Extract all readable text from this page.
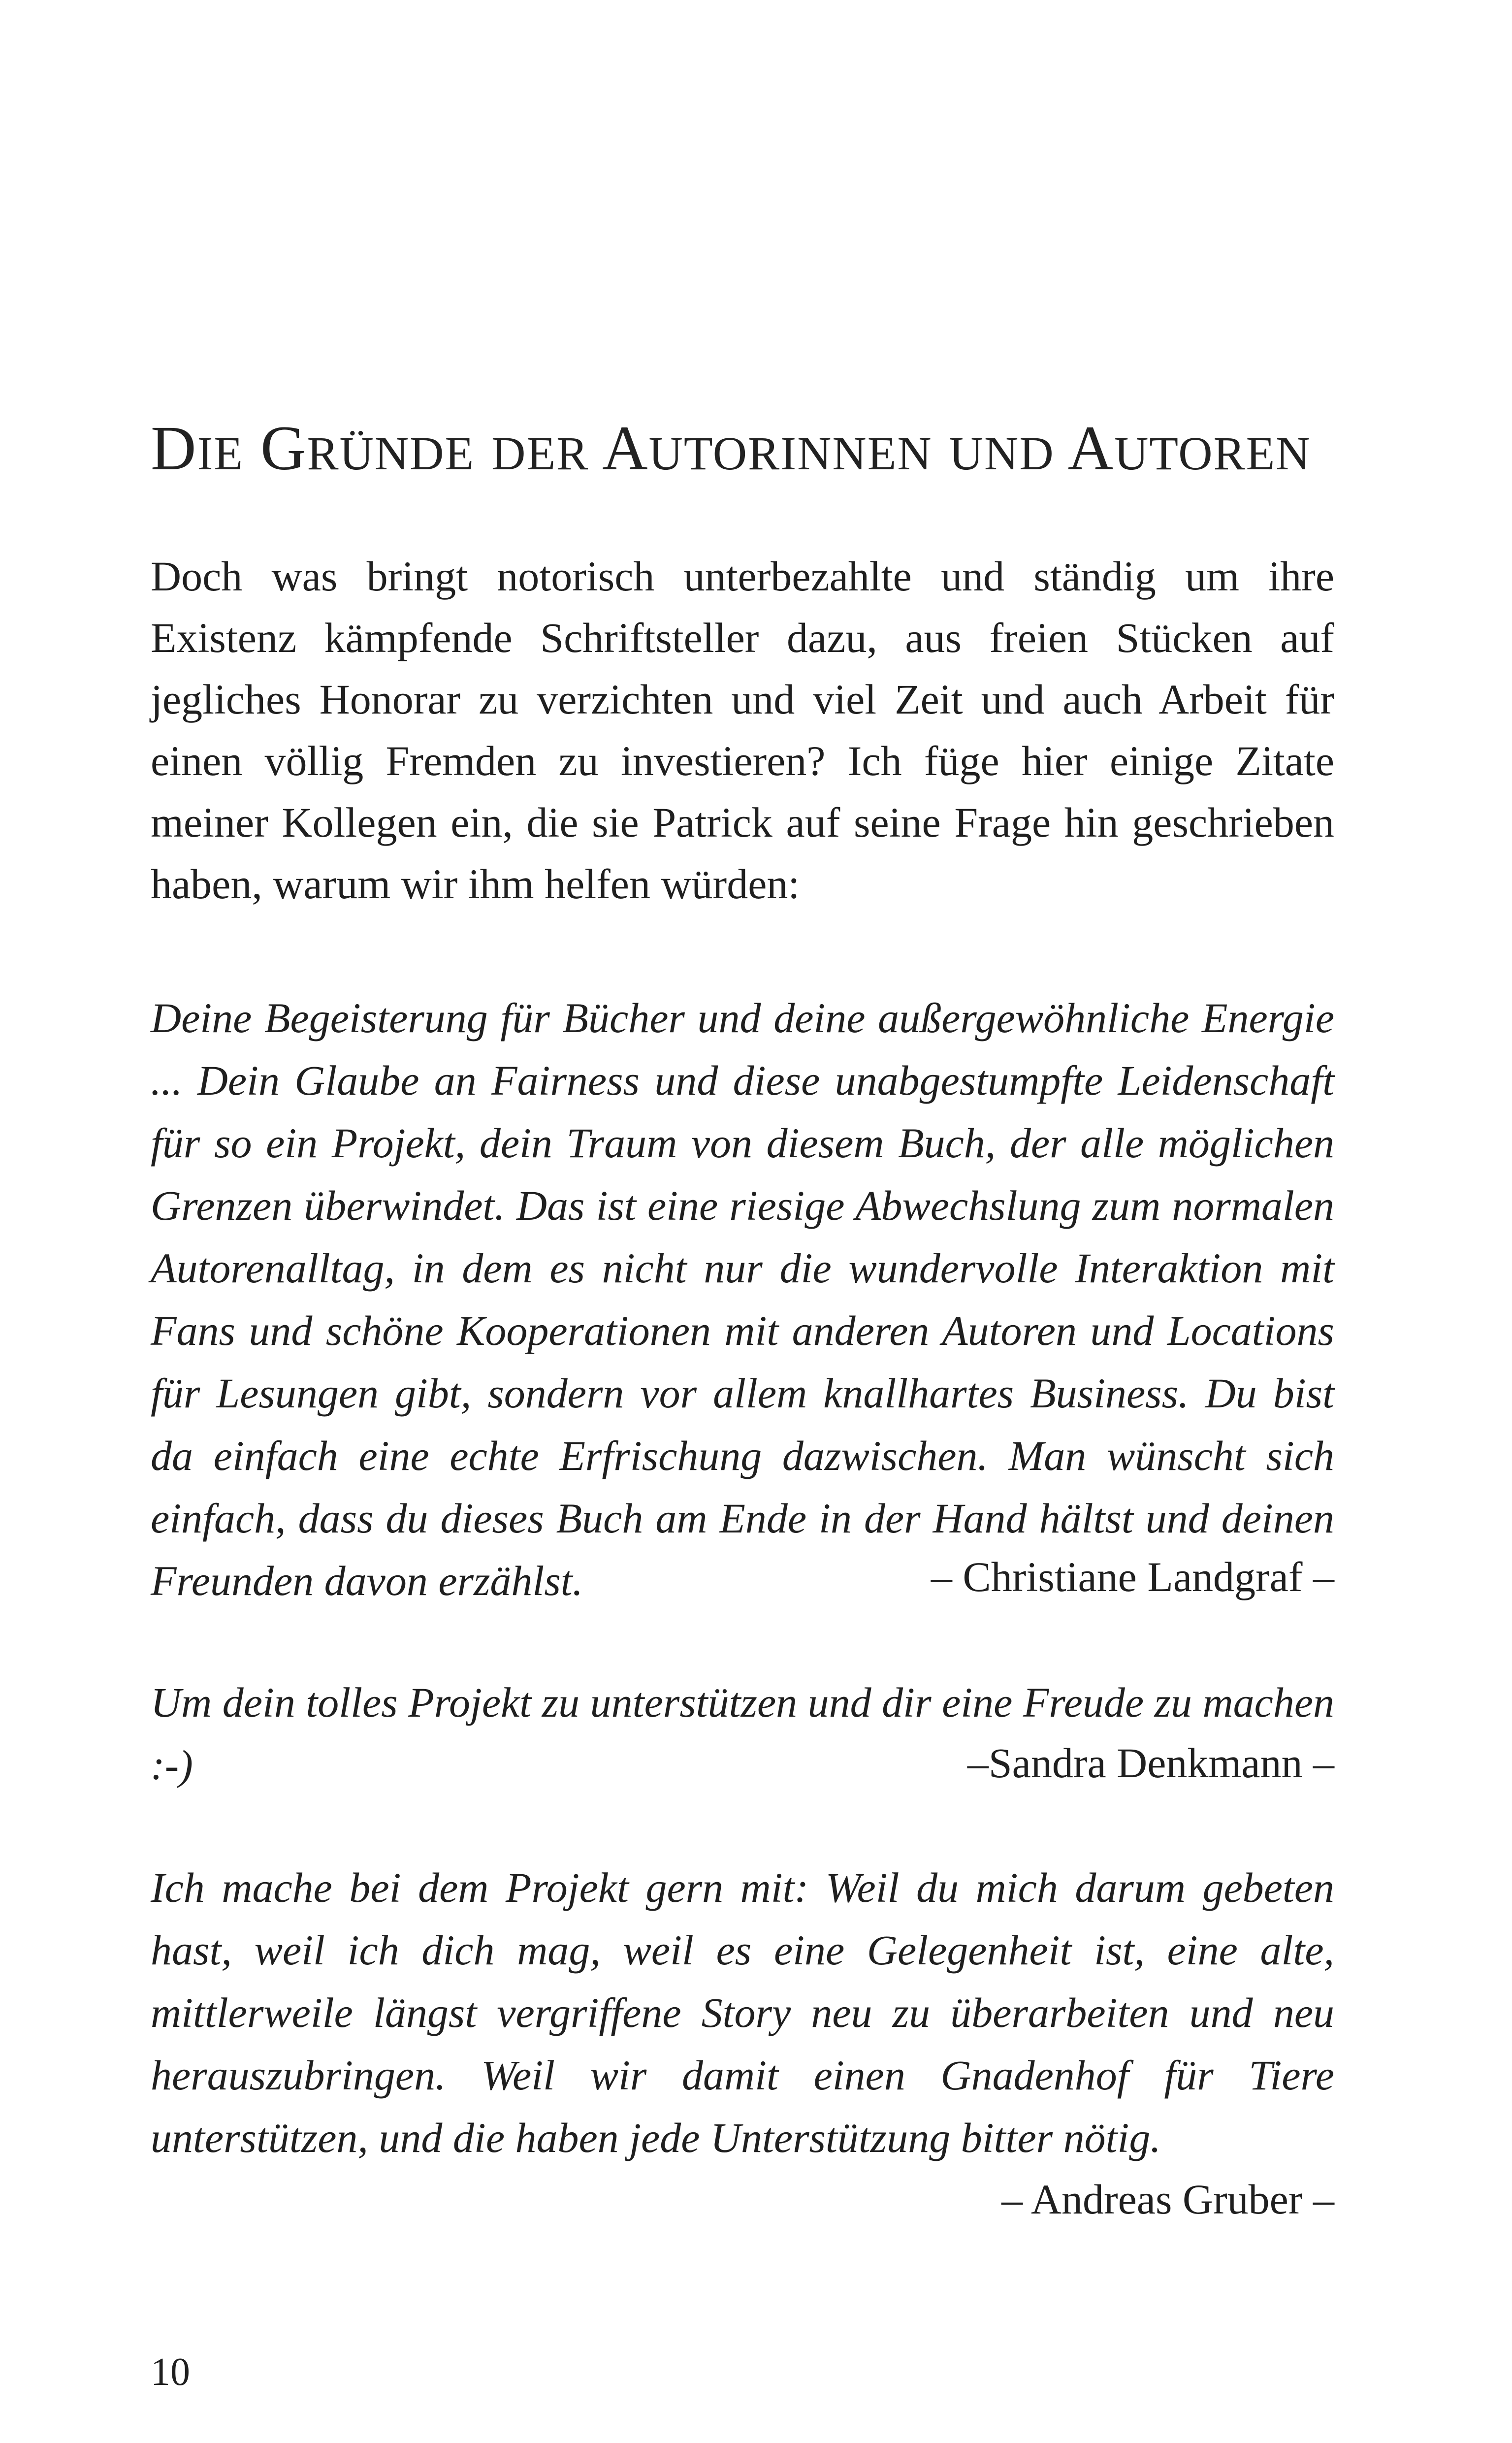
DIE GRÜNDE DER AUTORINNEN UND AUTOREN

Doch was bringt notorisch unterbezahlte und ständig um ihre Existenz kämpfende Schriftsteller dazu, aus freien Stücken auf jegliches Honorar zu verzichten und viel Zeit und auch Arbeit für einen völlig Fremden zu investieren? Ich füge hier einige Zitate meiner Kollegen ein, die sie Patrick auf seine Frage hin geschrieben haben, warum wir ihm helfen würden:

Deine Begeisterung für Bücher und deine außergewöhnliche Energie ... Dein Glaube an Fairness und diese unabgestumpfte Leidenschaft für so ein Projekt, dein Traum von diesem Buch, der alle möglichen Grenzen überwindet. Das ist eine riesige Abwechslung zum normalen Autorenalltag, in dem es nicht nur die wundervolle Interaktion mit Fans und schöne Kooperationen mit anderen Autoren und Locations für Lesungen gibt, sondern vor allem knallhartes Business. Du bist da einfach eine echte Erfrischung dazwischen. Man wünscht sich einfach, dass du dieses Buch am Ende in der Hand hältst und deinen Freunden davon erzählst.	– Christiane Landgraf –

Um dein tolles Projekt zu unterstützen und dir eine Freude zu machen :-)	–Sandra Denkmann –

Ich mache bei dem Projekt gern mit: Weil du mich darum gebeten hast, weil ich dich mag, weil es eine Gelegenheit ist, eine alte, mittlerweile längst vergriffene Story neu zu überarbeiten und neu herauszubringen. Weil wir damit einen Gnadenhof für Tiere unterstützen, und die haben jede Unterstützung bitter nötig.

– Andreas Gruber –
10
